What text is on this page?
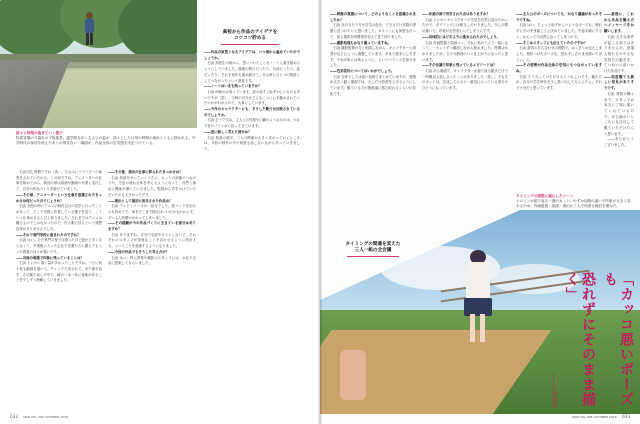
淡々と時間が過ぎていく様子
物語冒頭の夕暮れの下校風景。通学路を歩く主人公の姿が、淡々とした日常の時間の流れとともに描かれる。中学時代の部活を終えたあとの何気ない一場面が、作品全体の空気感を決定づけている。

石浜 同じ時期ですね（笑）。ちなみにリコーダーの演奏をされていたのも、この頃ですね。アニメーターの仕事を始めてから、最初の頃は原画や動画の作業と並行して、自分の作品づくりを続けていました。

――その頃、アニメーターという仕事を意識されたきっかけは何だったのでしょうか？

石浜 高校の時にアニメの制作会社の見学に行ったことがあって、そこで実際に作業している様子を見て、こういう仕事があるんだと知りました。それまではアニメは観るものでしかなかったので、作る側に回るという発想自体がありませんでした。

――それで専門学校に進まれたのですか？

石浜 はい。ただ専門学校では思ったほど絵が上手くならなくて、卒業後に入った会社で先輩たちに鍛えてもらった感覚のほうが強いです。

――当時の現場で印象に残っていることは？

石浜 とにかく描く量が多かったことですね。一日に何十枚も動画を描いて、チェックで戻されて、また描き直す。その繰り返しの中で、線の一本一本に意味があることを少しずつ理解していきました。

――その後、演出の仕事に移られたきっかけは？

石浜 原画をやっていくうちに、カットの前後のつながりや、芝居の流れ全体を考えるようになって、自然と演出に興味が湧いていきました。監督から声をかけていただいたのも大きかったです。

――演出として最初に担当された作品は？

石浜 テレビシリーズの一話分でした。絵コンテを切るのも初めてで、何をどこまで描けばいいのかもわからず、ずいぶん時間がかかってしまいました。

――その経験が今の作品づくりに生きている部分はありますか？

石浜 ありますね。自分で全部やろうとしないで、それぞれのスタッフが得意なことを活かせるように設計する、ということを意識するようになりました。

――今回の作品でもそうした考え方が？

石浜 はい。特に背景や撮影のスタッフには、かなり自由に提案してもらいました。

高校から作品のアイデアを
コツコツ貯める

――作品の原型となるアイデアは、いつ頃から温めていたのでしょうか。

石浜 高校生の頃から、思いついたことをノートに書き留めるようにしていました。場面の断片だったり、台詞だったり、絵だったり。それを何年も溜め続けて、ある時にひとつの物語としてつながったという感覚です。

――ノートはいまも残っていますか？

石浜 何冊かは残っています。読み返すと恥ずかしいものも多いですが（笑）、当時の自分がどんなことに心を動かされていたのかがわかるので、大事にしています。

――今作のキャラクターにも、そうした断片が反映されているのでしょうか。

石浜 そうですね。主人公の性格や口癖のようなものは、かなり昔のノートから拾ってきています。

――逆に新しく考えた部分は？

石浜 物語の後半、二人の関係が大きく変わっていくところは、今回の制作の中で何度も話し合いながら作っていきました。

032 NAN VOL.296 OCTOBER 2018

――映像の質感について、どのようなことを意識されましたか？

石浜 光の当たり方や空気の色を、できるだけ実際の季節に近づけたいと思いました。ロケハンにも何度も行って、同じ場所を時間帯を変えて見て回りました。

――撮影処理もかなり凝っていますね。

石浜 撮影監督の方と相談しながら、キャラクターと背景がなじむように調整しています。あまり派手にしすぎず、でも印象には残るように、というバランスを探りました。

――色彩設計についてはいかがでしょう。

石浜 全体としては淡い色味でまとめていますが、感情が大きく動く場面では、少しだけ彩度を上げるようにしています。観ている方が無意識に感じ取れるくらいの変化です。

タイミングの間違を変えた
三人一組の全会議

――作画の面で苦労された点はありますか？

石浜 とにかくキャラクターの芝居を自然に見せたかったので、タイミングには相当こだわりました。少しの間の違いで、印象が全然変わってしまうんです。

――具体的にはどのように進められたのでしょう。

石浜 作画監督と原画マン、それに私の三人で一組になって、一カットずつ確認しながら進めました。時間はかかりましたが、その分納得のいく仕上がりになったと思います。

――その会議で印象に残っているエピソードは？

石浜 ある場面で、キャラクターが振り返る動きだけで一時間以上話し合ったことがありました（笑）。でもそのカットは、完成してみると一番気に入っている部分のひとつになっています。

――主人公のポーズについても、かなり議論があったそうですね。

石浜 はい。ちょっと恥ずかしいようなポーズも、照れずにそのまま描こうと決めていました。中途半端にすると、かえって不自然になってしまうので。

――そこはスタッフにも伝えていたのですか？

石浜 最初の打ち合わせの段階で、はっきりお伝えしました。格好つけたポーズも、恐れずにそのまま描いてほしい、と。

――その姿勢が作品全体の空気にもつながっていますね。

石浜 そう言っていただけるとうれしいです。観た方が、自分の学生時代を少し思い出してもらえたら、それで十分だと思っています。

――最後に、これから作品を観る方へメッセージをお願いします。

石浜 大きな事件が起こる話ではありませんが、登場人物たちの小さな気持ちの動きを、ていねいに追いかけた作品です。

――何度観ても新しい発見がありそうです。

石浜 背景の隅々まで、スタッフが本当に丁寧に描いてくれているので、ぜひ細かいところにも注目して観ていただけたらと思います。

――ありがとうございました。

タイミングの調整に腐心したシーン
ヒロインが振り返る一連のカット。わずかな間の違いで印象が大きく変わるため、作画監督・原画・演出の三人で何度も検討を重ねた。
NAN VOL.296 OCTOBER 2018 033
「カッコ悪いポーズも
恐れずにそのまま描く」
――石浜真史
